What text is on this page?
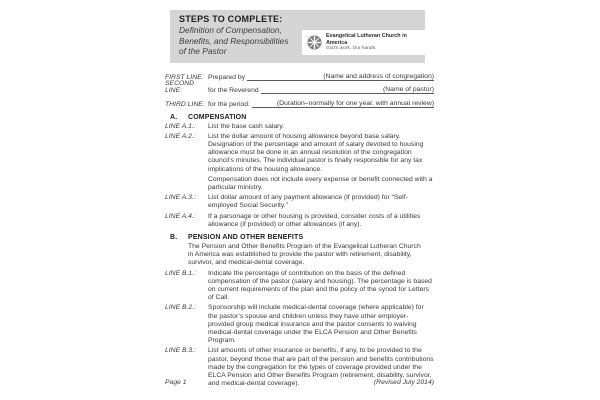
STEPS TO COMPLETE:
Definition of Compensation,
Benefits, and Responsibilities
of the Pastor
Evangelical Lutheran Church in America
God’s work. Our hands.
FIRST LINE: Prepared by	(Name and address of congregation)
SECOND LINE:	for the Reverend	(Name of pastor)
THIRD LINE: for the period:	(Duration–normally for one year, with annual review)
A.	COMPENSATION
LINE A.1.:	List the base cash salary.
LINE A.2.:	List the dollar amount of housing allowance beyond base salary. Designation of the percentage and amount of salary devoted to housing allowance must be done in an annual resolution of the congregation council’s minutes. The individual pastor is finally responsible for any tax implications of the housing allowance.
Compensation does not include every expense or benefit connected with a particular ministry.
LINE A.3.:	List dollar amount of any payment allowance (if provided) for “Self-employed Social Security.”
LINE A.4.:	If a parsonage or other housing is provided, consider costs of a utilities allowance (if provided) or other allowances (if any).
B.	PENSION AND OTHER BENEFITS
The Pension and Other Benefits Program of the Evangelical Lutheran Church in America was established to provide the pastor with retirement, disability, survivor, and medical-dental coverage.
LINE B.1.:	Indicate the percentage of contribution on the basis of the defined compensation of the pastor (salary and housing). The percentage is based on current requirements of the plan and the policy of the synod for Letters of Call.
LINE B.2.:	Sponsorship will include medical-dental coverage (where applicable) for the pastor’s spouse and children unless they have other employer-provided group medical insurance and the pastor consents to waiving medical-dental coverage under the ELCA Pension and Other Benefits Program.
LINE B.3.:	List amounts of other insurance or benefits, if any, to be provided to the pastor, beyond those that are part of the pension and benefits contributions made by the congregation for the types of coverage provided under the ELCA Pension and Other Benefits Program (retirement, disability, survivor, and medical-dental coverage).
Page 1	(Revised July 2014)
